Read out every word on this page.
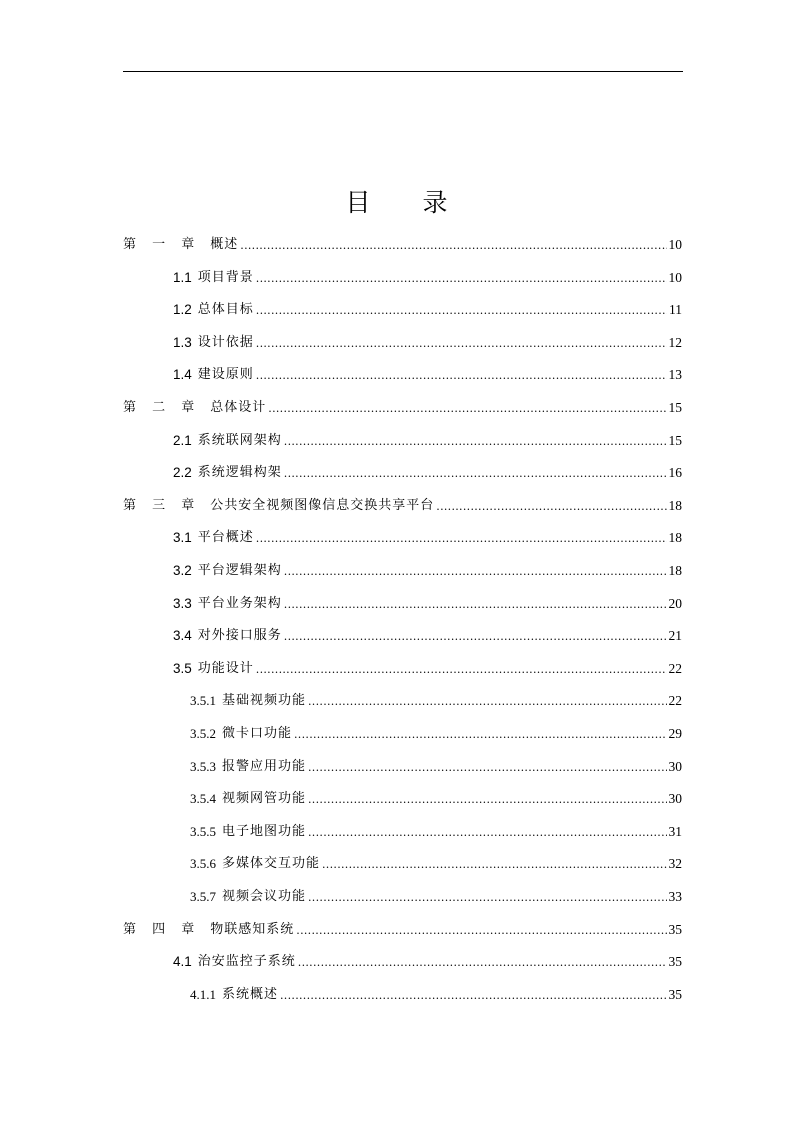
目 录
第 一 章 概述 .....	10
1.1 项目背景 .....	10
1.2 总体目标 .....	11
1.3 设计依据 .....	12
1.4 建设原则 .....	13
第 二 章 总体设计 .....	15
2.1 系统联网架构 .....	15
2.2 系统逻辑构架 .....	16
第 三 章 公共安全视频图像信息交换共享平台 .....	18
3.1 平台概述 .....	18
3.2 平台逻辑架构 .....	18
3.3 平台业务架构 .....	20
3.4 对外接口服务 .....	21
3.5 功能设计 .....	22
3.5.1 基础视频功能 .....	22
3.5.2 微卡口功能 .....	29
3.5.3 报警应用功能 .....	30
3.5.4 视频网管功能 .....	30
3.5.5 电子地图功能 .....	31
3.5.6 多媒体交互功能 .....	32
3.5.7 视频会议功能 .....	33
第 四 章 物联感知系统 .....	35
4.1 治安监控子系统 .....	35
4.1.1 系统概述 .....	35
